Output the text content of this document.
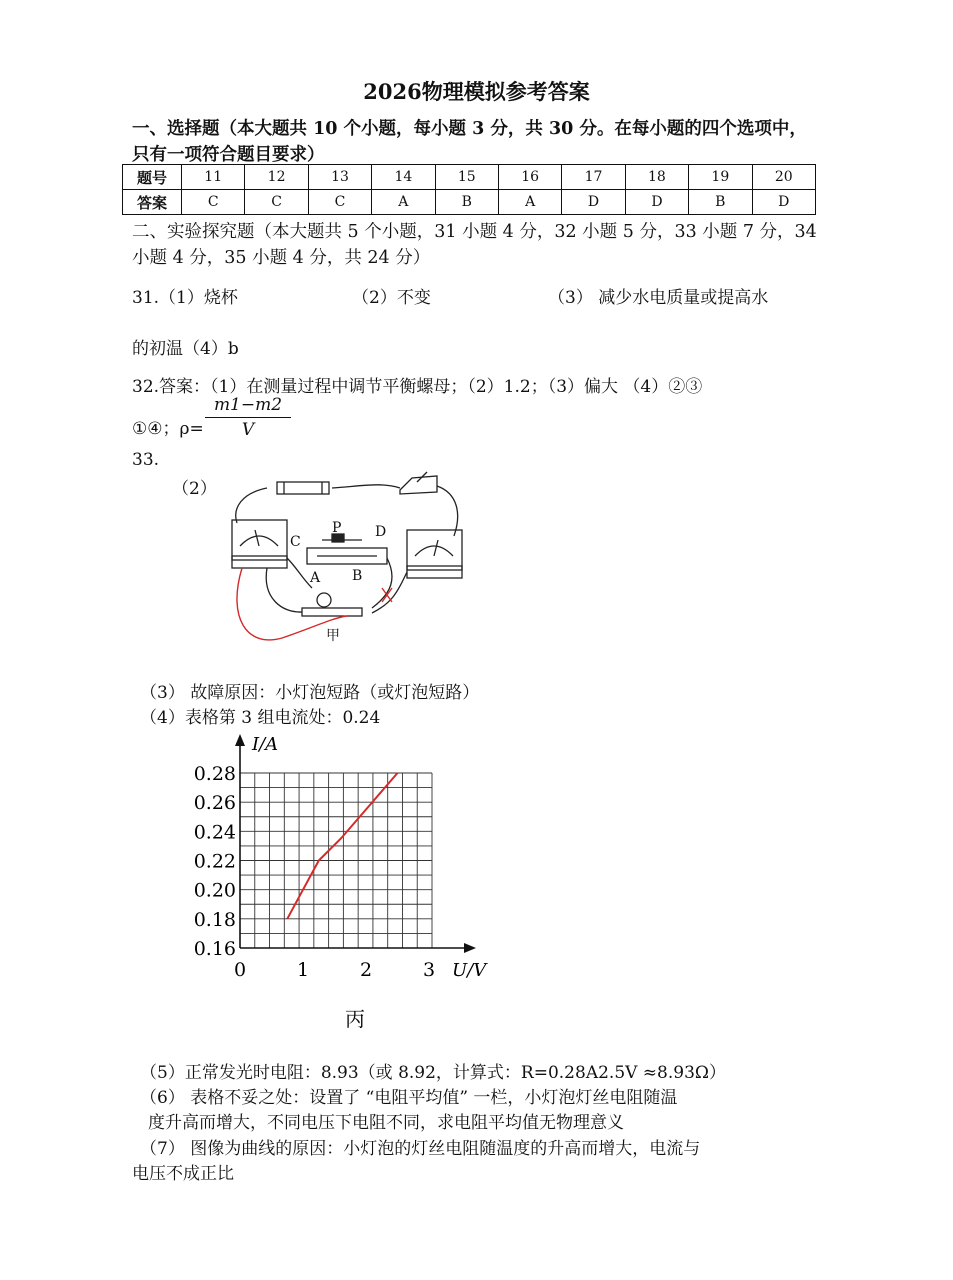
2026物理模拟参考答案
一、选择题（本大题共 10 个小题，每小题 3 分，共 30 分。在每小题的四个选项中，只有一项符合题目要求）
题号	11	12	13	14	15	16	17	18	19	20
答案	C	C	C	A	B	A	D	D	B	D
二、实验探究题（本大题共 5 个小题，31 小题 4 分，32 小题 5 分，33 小题 7 分，34 小题 4 分，35 小题 4 分，共 24 分）
31.（1）烧杯	（2）不变	（3） 减少水电质量或提高水
的初温（4）b
32.答案：（1）在测量过程中调节平衡螺母；（2）1.2；（3）偏大 （4）②③
①④；$\rho= \frac{m1-m2}{V}$
33.
（2）
C
P D
A B
甲
（3） 故障原因：小灯泡短路（或灯泡短路）
（4）表格第 3 组电流处：0.24
0.28
0.26
0.24
0.22
0.20
0.18
0.16
0	1	2	3
I/A
U/V
丙
（5）正常发光时电阻：8.93（或 8.92，计算式：R=0.28A2.5V ≈8.93Ω）
（6） 表格不妥之处：设置了 “电阻平均值” 一栏，小灯泡灯丝电阻随温
度升高而增大，不同电压下电阻不同，求电阻平均值无物理意义
（7） 图像为曲线的原因：小灯泡的灯丝电阻随温度的升高而增大，电流与
电压不成正比
